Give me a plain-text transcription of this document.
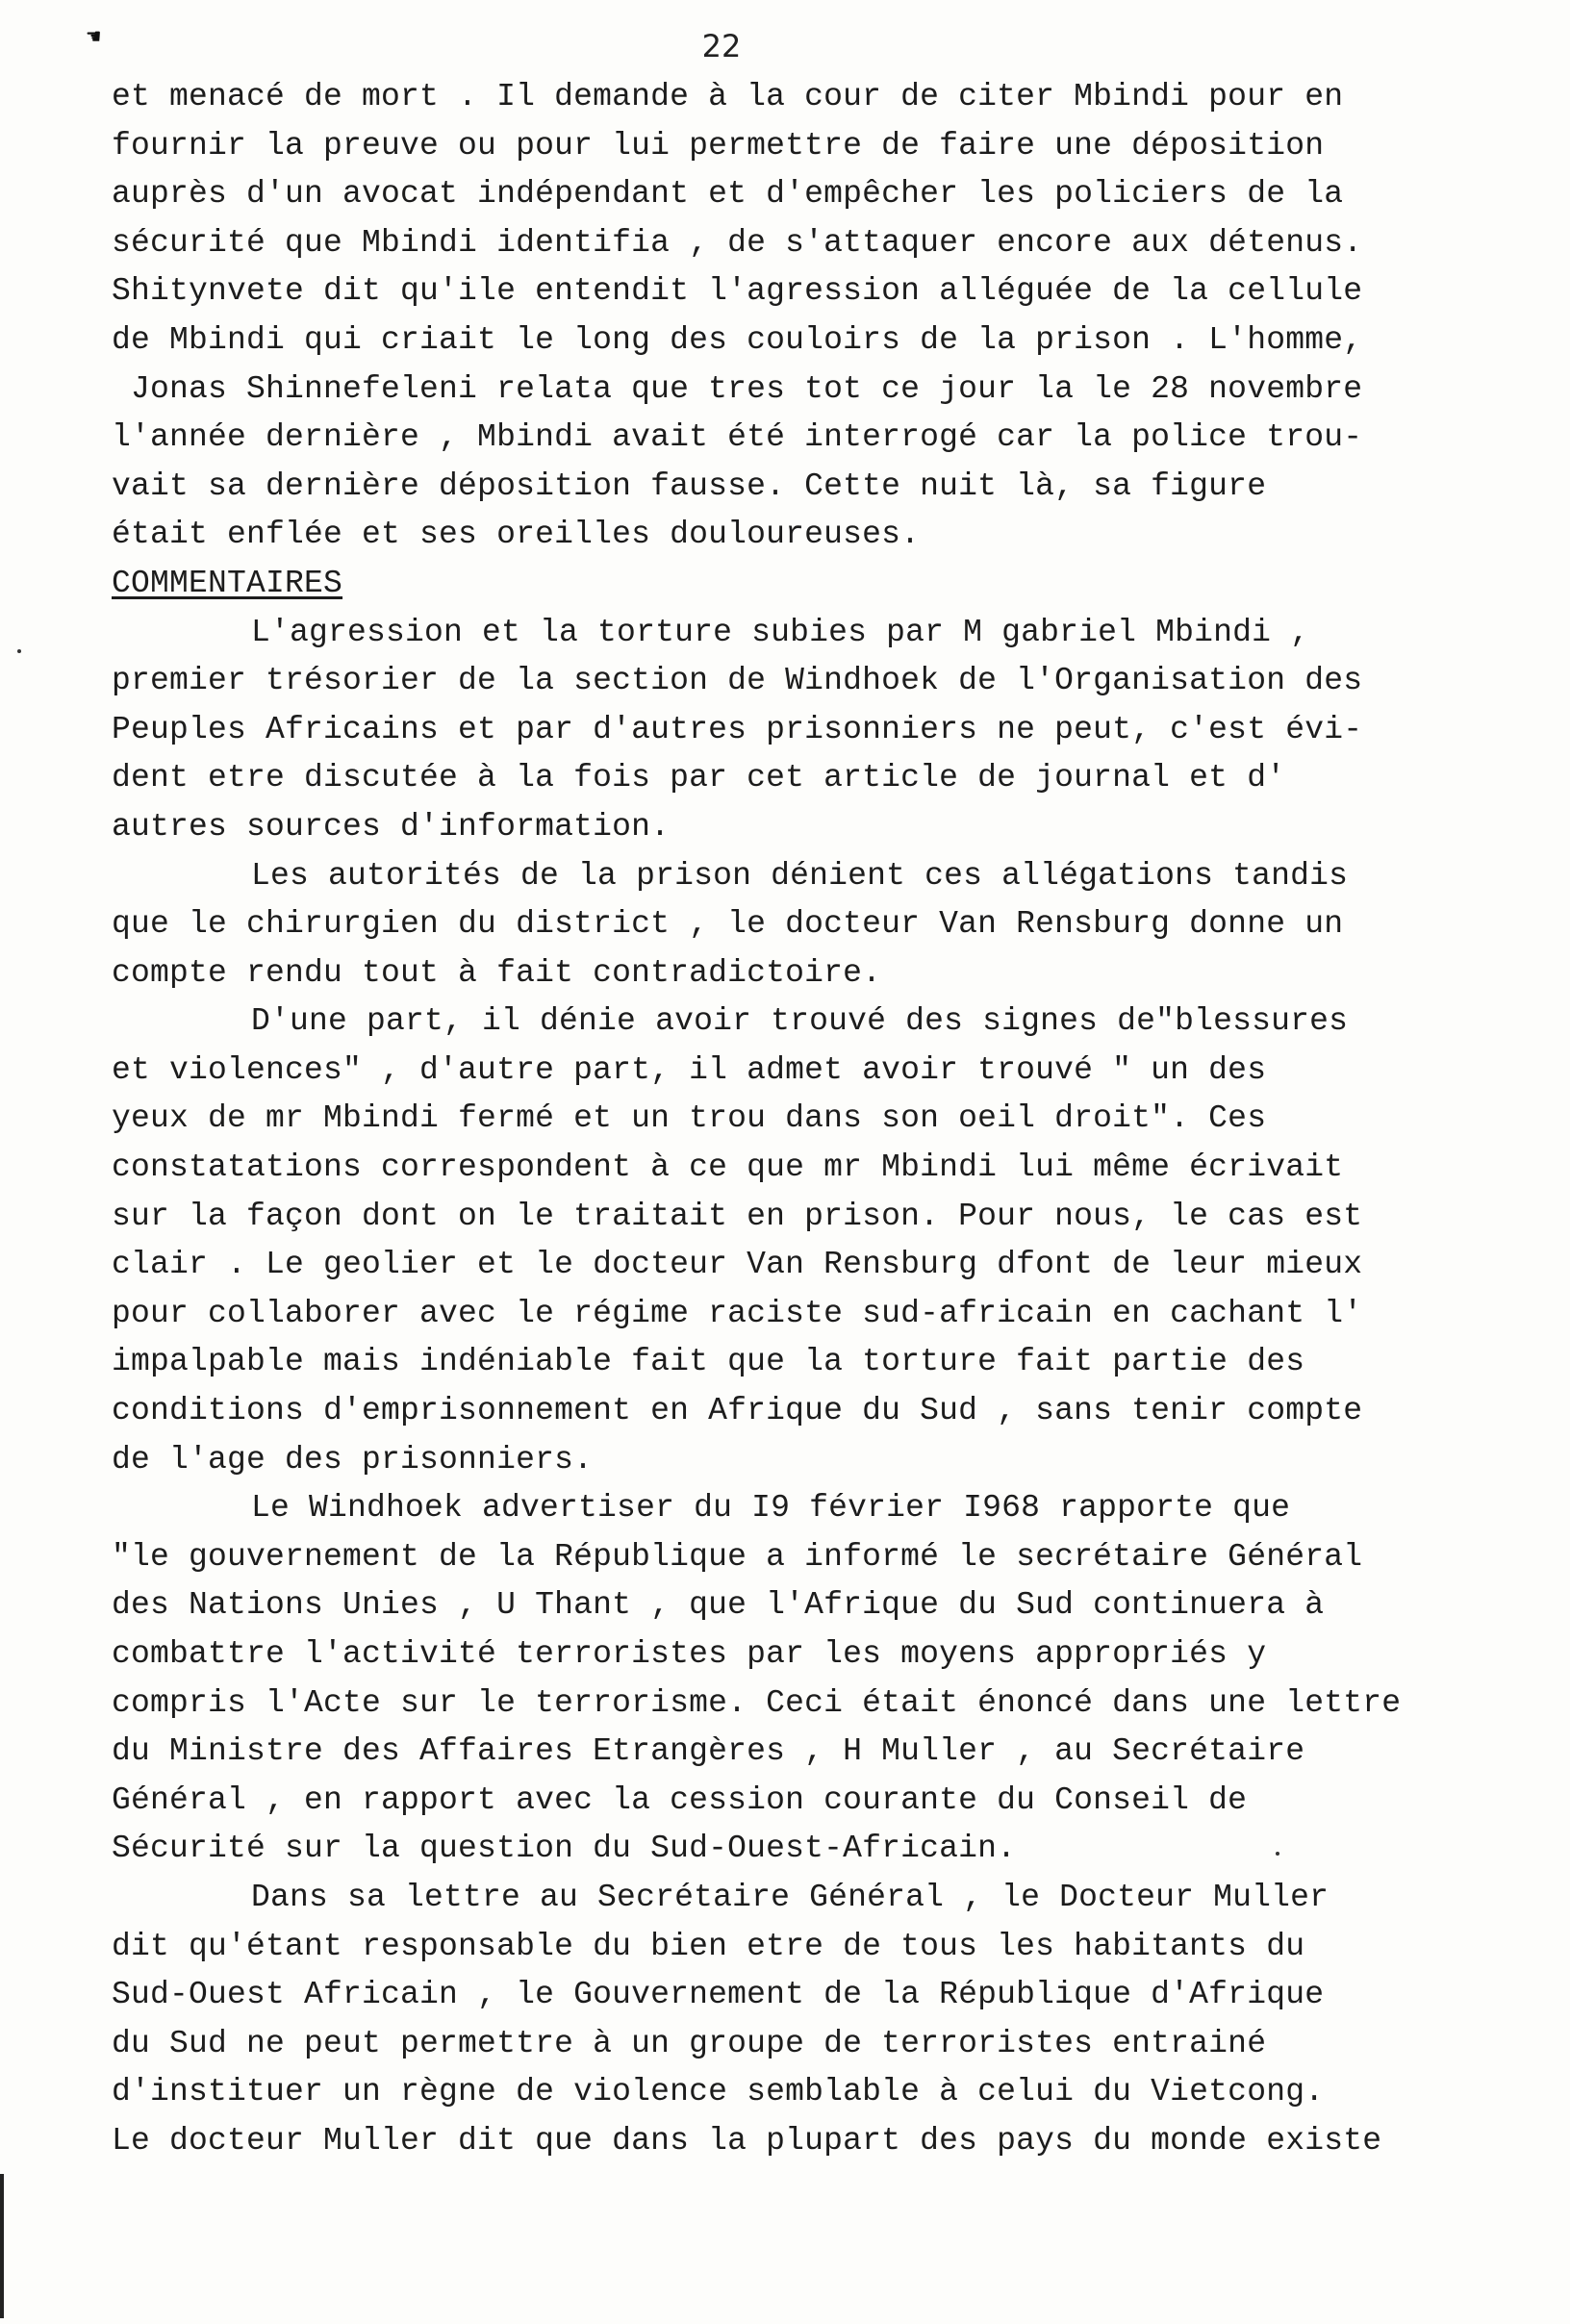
☚	22
et menacé de mort . Il demande à la cour de citer Mbindi pour en
fournir la preuve ou pour lui permettre de faire une déposition
auprès d'un avocat indépendant et d'empêcher les policiers de la
sécurité que Mbindi identifia , de s'attaquer encore aux détenus.
Shitynvete dit qu'ile entendit l'agression alléguée de la cellule
de Mbindi qui criait le long des couloirs de la prison . L'homme,
Jonas Shinnefeleni relata que tres tot ce jour la le 28 novembre
l'année dernière , Mbindi avait été interrogé car la police trou-
vait sa dernière déposition fausse. Cette nuit là, sa figure
était enflée et ses oreilles douloureuses.
COMMENTAIRES
L'agression et la torture subies par M gabriel Mbindi ,
premier trésorier de la section de Windhoek de l'Organisation des
Peuples Africains et par d'autres prisonniers ne peut, c'est évi-
dent etre discutée à la fois par cet article de journal et d'
autres sources d'information.
Les autorités de la prison dénient ces allégations tandis
que le chirurgien du district , le docteur Van Rensburg donne un
compte rendu tout à fait contradictoire.
D'une part, il dénie avoir trouvé des signes de"blessures
et violences" , d'autre part, il admet avoir trouvé " un des
yeux de mr Mbindi fermé et un trou dans son oeil droit". Ces
constatations correspondent à ce que mr Mbindi lui même écrivait
sur la façon dont on le traitait en prison. Pour nous, le cas est
clair . Le geolier et le docteur Van Rensburg dfont de leur mieux
pour collaborer avec le régime raciste sud-africain en cachant l'
impalpable mais indéniable fait que la torture fait partie des
conditions d'emprisonnement en Afrique du Sud , sans tenir compte
de l'age des prisonniers.
Le Windhoek advertiser du I9 février I968 rapporte que
"le gouvernement de la République a informé le secrétaire Général
des Nations Unies , U Thant , que l'Afrique du Sud continuera à
combattre l'activité terroristes par les moyens appropriés y
compris l'Acte sur le terrorisme. Ceci était énoncé dans une lettre
du Ministre des Affaires Etrangères , H Muller , au Secrétaire
Général , en rapport avec la cession courante du Conseil de
Sécurité sur la question du Sud-Ouest-Africain.
Dans sa lettre au Secrétaire Général , le Docteur Muller
dit qu'étant responsable du bien etre de tous les habitants du
Sud-Ouest Africain , le Gouvernement de la République d'Afrique
du Sud ne peut permettre à un groupe de terroristes entrainé
d'instituer un règne de violence semblable à celui du Vietcong.
Le docteur Muller dit que dans la plupart des pays du monde existe
